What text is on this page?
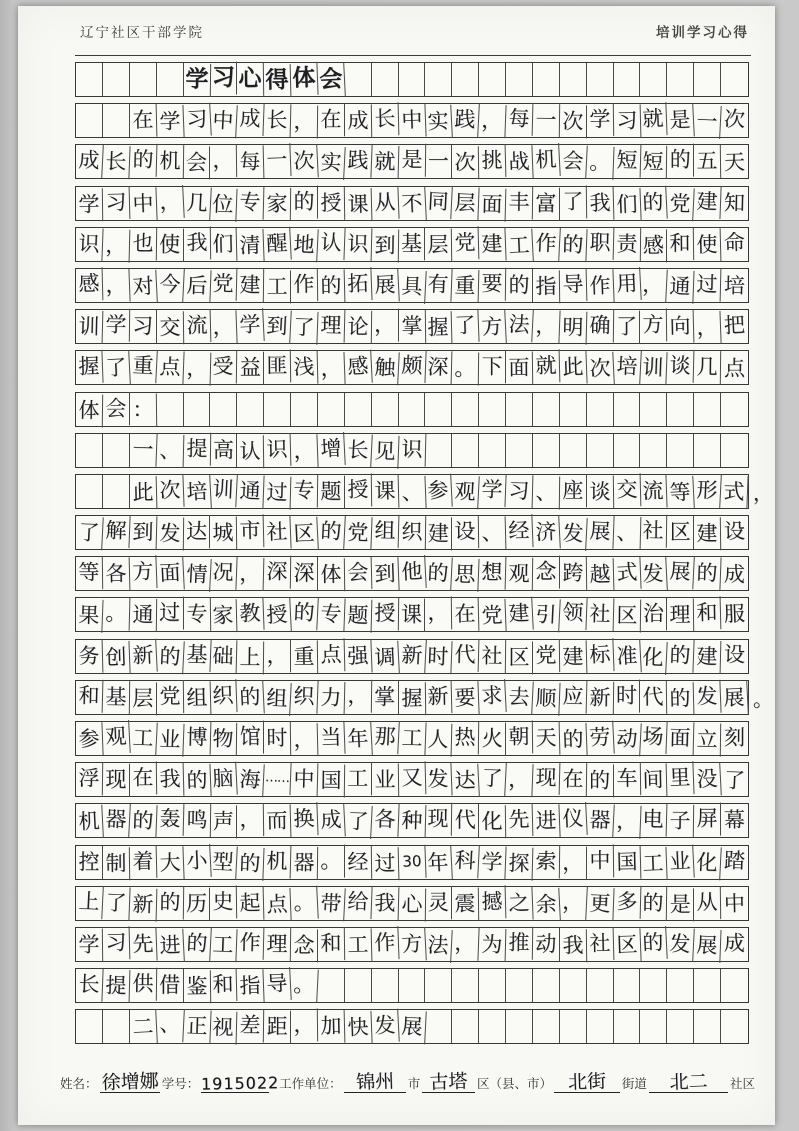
辽宁社区干部学院	培训学习心得
学 习 心 得 体 会
在 学 习 中 成 长 ， 在 成 长 中 实 践 ， 每 一 次 学 习 就 是 一 次
成 长 的 机 会 ， 每 一 次 实 践 就 是 一 次 挑 战 机 会 。 短 短 的 五 天
学 习 中 ， 几 位 专 家 的 授 课 从 不 同 层 面 丰 富 了 我 们 的 党 建 知
识 ， 也 使 我 们 清 醒 地 认 识 到 基 层 党 建 工 作 的 职 责 感 和 使 命
感 ， 对 今 后 党 建 工 作 的 拓 展 具 有 重 要 的 指 导 作 用 ， 通 过 培
训 学 习 交 流 ， 学 到 了 理 论 ， 掌 握 了 方 法 ， 明 确 了 方 向 ， 把
握 了 重 点 ， 受 益 匪 浅 ， 感 触 颇 深 。 下 面 就 此 次 培 训 谈 几 点
体 会 ：
一 、 提 高 认 识 ， 增 长 见 识
此 次 培 训 通 过 专 题 授 课 、 参 观 学 习 、 座 谈 交 流 等 形 式 ，
了 解 到 发 达 城 市 社 区 的 党 组 织 建 设 、 经 济 发 展 、 社 区 建 设
等 各 方 面 情 况 ， 深 深 体 会 到 他 的 思 想 观 念 跨 越 式 发 展 的 成
果 。 通 过 专 家 教 授 的 专 题 授 课 ， 在 党 建 引 领 社 区 治 理 和 服
务 创 新 的 基 础 上 ， 重 点 强 调 新 时 代 社 区 党 建 标 准 化 的 建 设
和 基 层 党 组 织 的 组 织 力 ， 掌 握 新 要 求 去 顺 应 新 时 代 的 发 展 。
参 观 工 业 博 物 馆 时 ， 当 年 那 工 人 热 火 朝 天 的 劳 动 场 面 立 刻
浮 现 在 我 的 脑 海 …… 中 国 工 业 又 发 达 了 ， 现 在 的 车 间 里 没 了
机 器 的 轰 鸣 声 ， 而 换 成 了 各 种 现 代 化 先 进 仪 器 ， 电 子 屏 幕
控 制 着 大 小 型 的 机 器 。 经 过 30 年 科 学 探 索 ， 中 国 工 业 化 踏
上 了 新 的 历 史 起 点 。 带 给 我 心 灵 震 撼 之 余 ， 更 多 的 是 从 中
学 习 先 进 的 工 作 理 念 和 工 作 方 法 ， 为 推 动 我 社 区 的 发 展 成
长 提 供 借 鉴 和 指 导 。
二 、 正 视 差 距 ， 加 快 发 展
姓名： 徐增娜 学号： 1915022 工作单位： 锦州	市 古塔 区（县、市） 北街	街道	北二	社区
